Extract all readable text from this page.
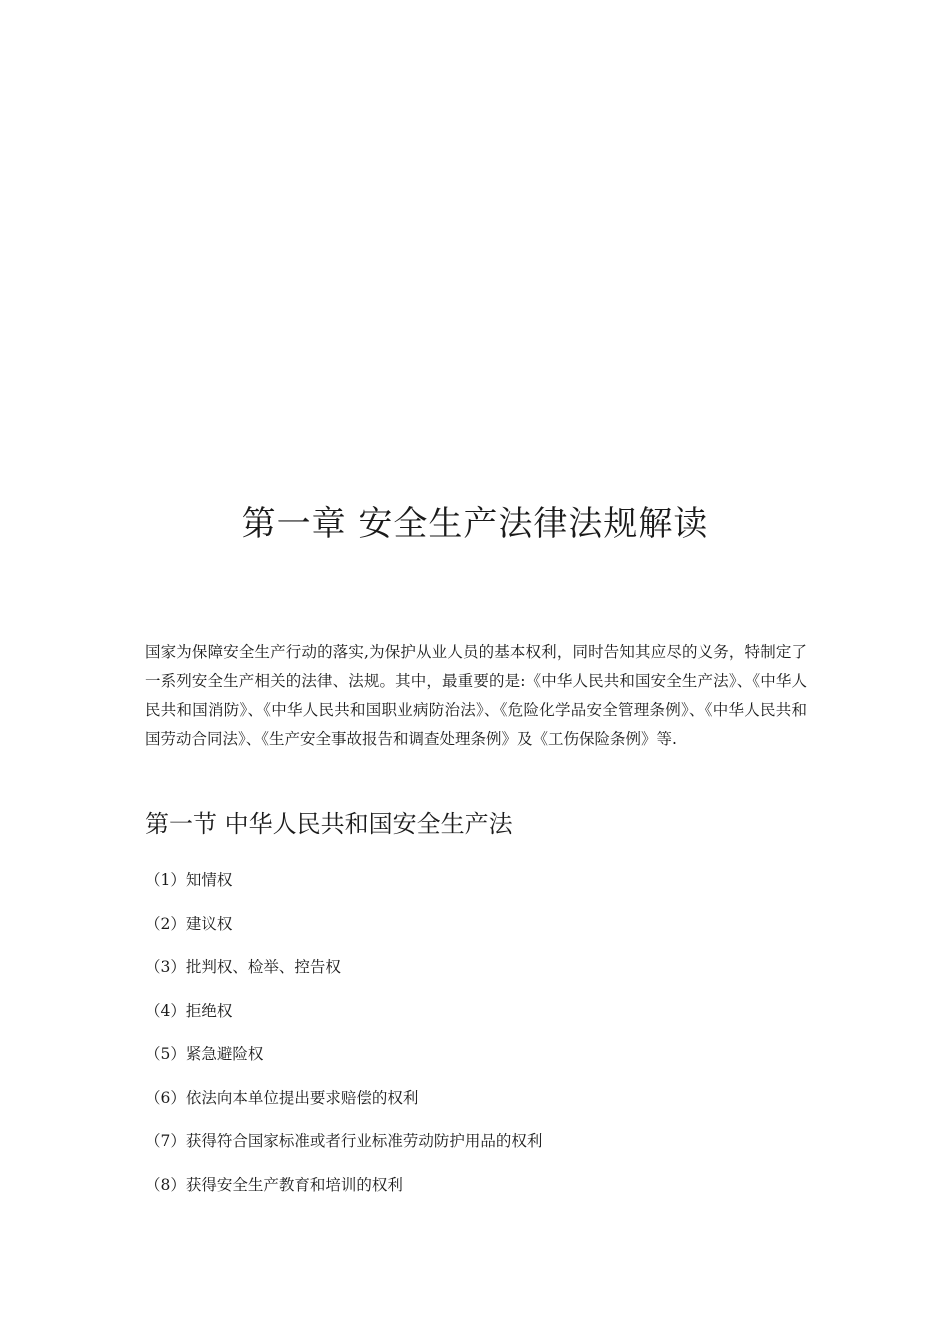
第一章 安全生产法律法规解读

国家为保障安全生产行动的落实,为保护从业人员的基本权利，同时告知其应尽的义务，特制定了一系列安全生产相关的法律、法规。其中，最重要的是:《中华人民共和国安全生产法》、《中华人民共和国消防》、《中华人民共和国职业病防治法》、《危险化学品安全管理条例》、《中华人民共和国劳动合同法》、《生产安全事故报告和调查处理条例》及《工伤保险条例》等.

第一节 中华人民共和国安全生产法
（1）知情权
（2）建议权
（3）批判权、检举、控告权
（4）拒绝权
（5）紧急避险权
（6）依法向本单位提出要求赔偿的权利
（7）获得符合国家标准或者行业标准劳动防护用品的权利
（8）获得安全生产教育和培训的权利
